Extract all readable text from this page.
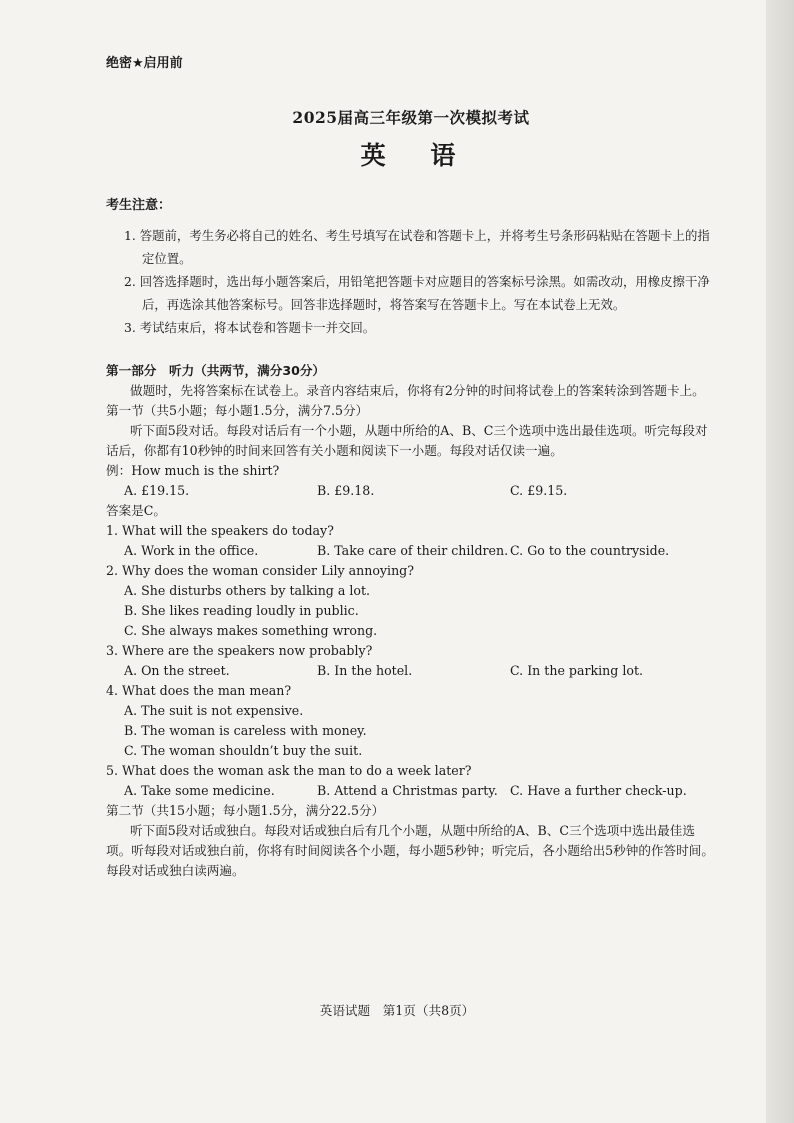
绝密★启用前

2025届高三年级第一次模拟考试

英 语

考生注意：

1. 答题前，考生务必将自己的姓名、考生号填写在试卷和答题卡上，并将考生号条形码粘贴在答题卡上的指定位置。
2. 回答选择题时，选出每小题答案后，用铅笔把答题卡对应题目的答案标号涂黑。如需改动，用橡皮擦干净后，再选涂其他答案标号。回答非选择题时，将答案写在答题卡上。写在本试卷上无效。
3. 考试结束后，将本试卷和答题卡一并交回。

第一部分　听力（共两节，满分30分）

做题时，先将答案标在试卷上。录音内容结束后，你将有2分钟的时间将试卷上的答案转涂到答题卡上。

第一节（共5小题；每小题1.5分，满分7.5分）

听下面5段对话。每段对话后有一个小题，从题中所给的A、B、C三个选项中选出最佳选项。听完每段对话后，你都有10秒钟的时间来回答有关小题和阅读下一小题。每段对话仅读一遍。

例：How much is the shirt?

A. £19.15.	B. £9.18.	C. £9.15.

答案是C。

1. What will the speakers do today?

A. Work in the office.	B. Take care of their children. C. Go to the countryside.

2. Why does the woman consider Lily annoying?

A. She disturbs others by talking a lot.

B. She likes reading loudly in public.

C. She always makes something wrong.

3. Where are the speakers now probably?

A. On the street.	B. In the hotel.	C. In the parking lot.

4. What does the man mean?

A. The suit is not expensive.

B. The woman is careless with money.

C. The woman shouldn’t buy the suit.

5. What does the woman ask the man to do a week later?

A. Take some medicine.	B. Attend a Christmas party. C. Have a further check-up.

第二节（共15小题；每小题1.5分，满分22.5分）

听下面5段对话或独白。每段对话或独白后有几个小题，从题中所给的A、B、C三个选项中选出最佳选项。听每段对话或独白前，你将有时间阅读各个小题，每小题5秒钟；听完后，各小题给出5秒钟的作答时间。每段对话或独白读两遍。

英语试题　第1页（共8页）
